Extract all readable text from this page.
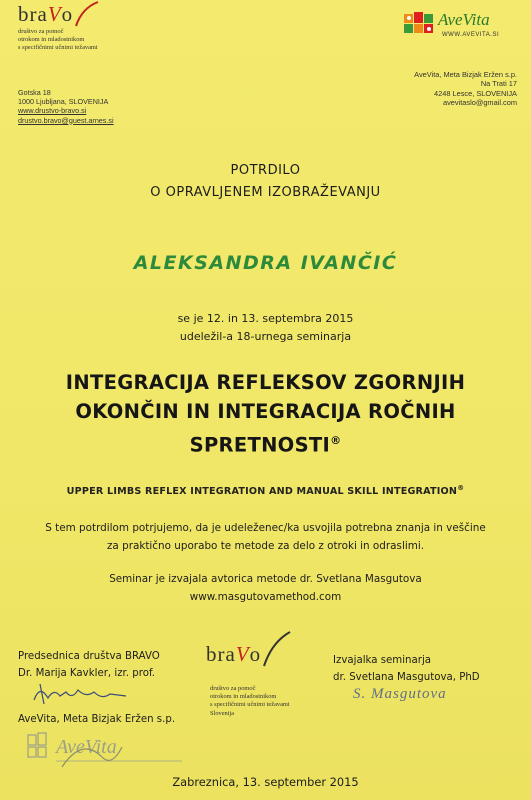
braVo
društvo za pomoč
otrokom in mladostnikom
s specifičnimi učnimi težavami
Gotska 18
1000 Ljubljana, SLOVENIJA
www.drustvo-bravo.si
drustvo.bravo@guest.arnes.si
AveVita
WWW.AVEVITA.SI
AveVita, Meta Bizjak Eržen s.p.
Na Trati 17
4248 Lesce, SLOVENIJA
avevitaslo@gmail.com
POTRDILO
O OPRAVLJENEM IZOBRAŽEVANJU
ALEKSANDRA IVANČIĆ
se je 12. in 13. septembra 2015
udeležil-a 18-urnega seminarja
INTEGRACIJA REFLEKSOV ZGORNJIH
OKONČIN IN INTEGRACIJA ROČNIH
SPRETNOSTI®
UPPER LIMBS REFLEX INTEGRATION AND MANUAL SKILL INTEGRATION®
S tem potrdilom potrjujemo, da je udeleženec/ka usvojila potrebna znanja in veščine
za praktično uporabo te metode za delo z otroki in odraslimi.
Seminar je izvajala avtorica metode dr. Svetlana Masgutova
www.masgutovamethod.com
Predsednica društva BRAVO
Dr. Marija Kavkler, izr. prof.
AveVita, Meta Bizjak Eržen s.p.
braVo
društvo za pomoč
otrokom in mladostnikom
s specifičnimi učnimi težavami
Slovenija
Izvajalka seminarja
dr. Svetlana Masgutova, PhD
S. Masgutova
AveVita
Zabreznica, 13. september 2015
